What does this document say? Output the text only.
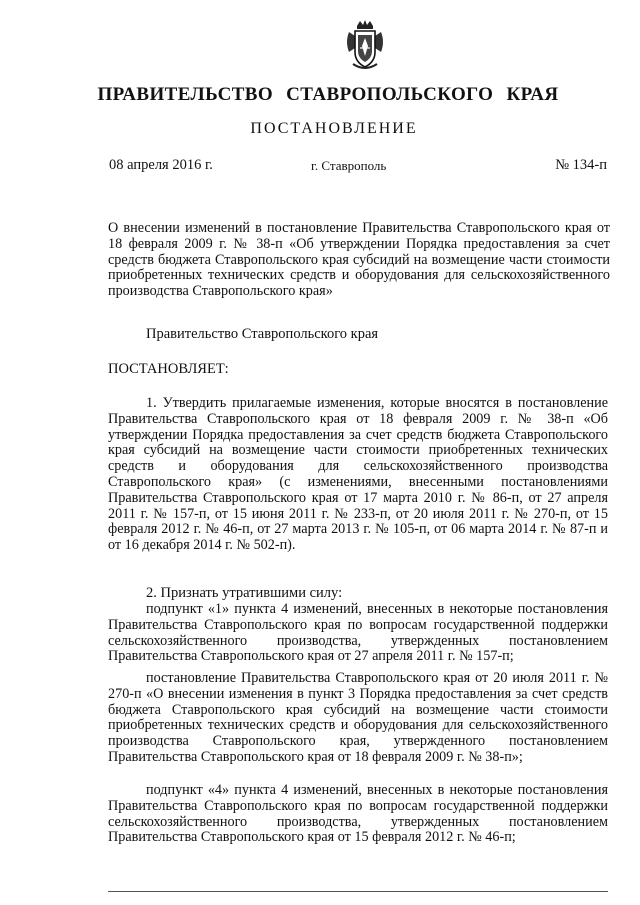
ПРАВИТЕЛЬСТВО СТАВРОПОЛЬСКОГО КРАЯ
ПОСТАНОВЛЕНИЕ
08 апреля 2016 г.	г. Ставрополь	№ 134-п

О внесении изменений в постановление Правительства Ставропольского края от 18 февраля 2009 г. № 38-п «Об утверждении Порядка предоставления за счет средств бюджета Ставропольского края субсидий на возмещение части стоимости приобретенных технических средств и оборудования для сельскохозяйственного производства Ставропольского края»

Правительство Ставропольского края
ПОСТАНОВЛЯЕТ:

1. Утвердить прилагаемые изменения, которые вносятся в постановление Правительства Ставропольского края от 18 февраля 2009 г. № 38-п «Об утверждении Порядка предоставления за счет средств бюджета Ставропольского края субсидий на возмещение части стоимости приобретенных технических средств и оборудования для сельскохозяйственного производства Ставропольского края» (с изменениями, внесенными постановлениями Правительства Ставропольского края от 17 марта 2010 г. № 86-п, от 27 апреля 2011 г. № 157-п, от 15 июня 2011 г. № 233-п, от 20 июля 2011 г. № 270-п, от 15 февраля 2012 г. № 46-п, от 27 марта 2013 г. № 105-п, от 06 марта 2014 г. № 87-п и от 16 декабря 2014 г. № 502-п).

2. Признать утратившими силу:

подпункт «1» пункта 4 изменений, внесенных в некоторые постановления Правительства Ставропольского края по вопросам государственной поддержки сельскохозяйственного производства, утвержденных постановлением Правительства Ставропольского края от 27 апреля 2011 г. № 157-п;

постановление Правительства Ставропольского края от 20 июля 2011 г. № 270-п «О внесении изменения в пункт 3 Порядка предоставления за счет средств бюджета Ставропольского края субсидий на возмещение части стоимости приобретенных технических средств и оборудования для сельскохозяйственного производства Ставропольского края, утвержденного постановлением Правительства Ставропольского края от 18 февраля 2009 г. № 38-п»;

подпункт «4» пункта 4 изменений, внесенных в некоторые постановления Правительства Ставропольского края по вопросам государственной поддержки сельскохозяйственного производства, утвержденных постановлением Правительства Ставропольского края от 15 февраля 2012 г. № 46-п;
